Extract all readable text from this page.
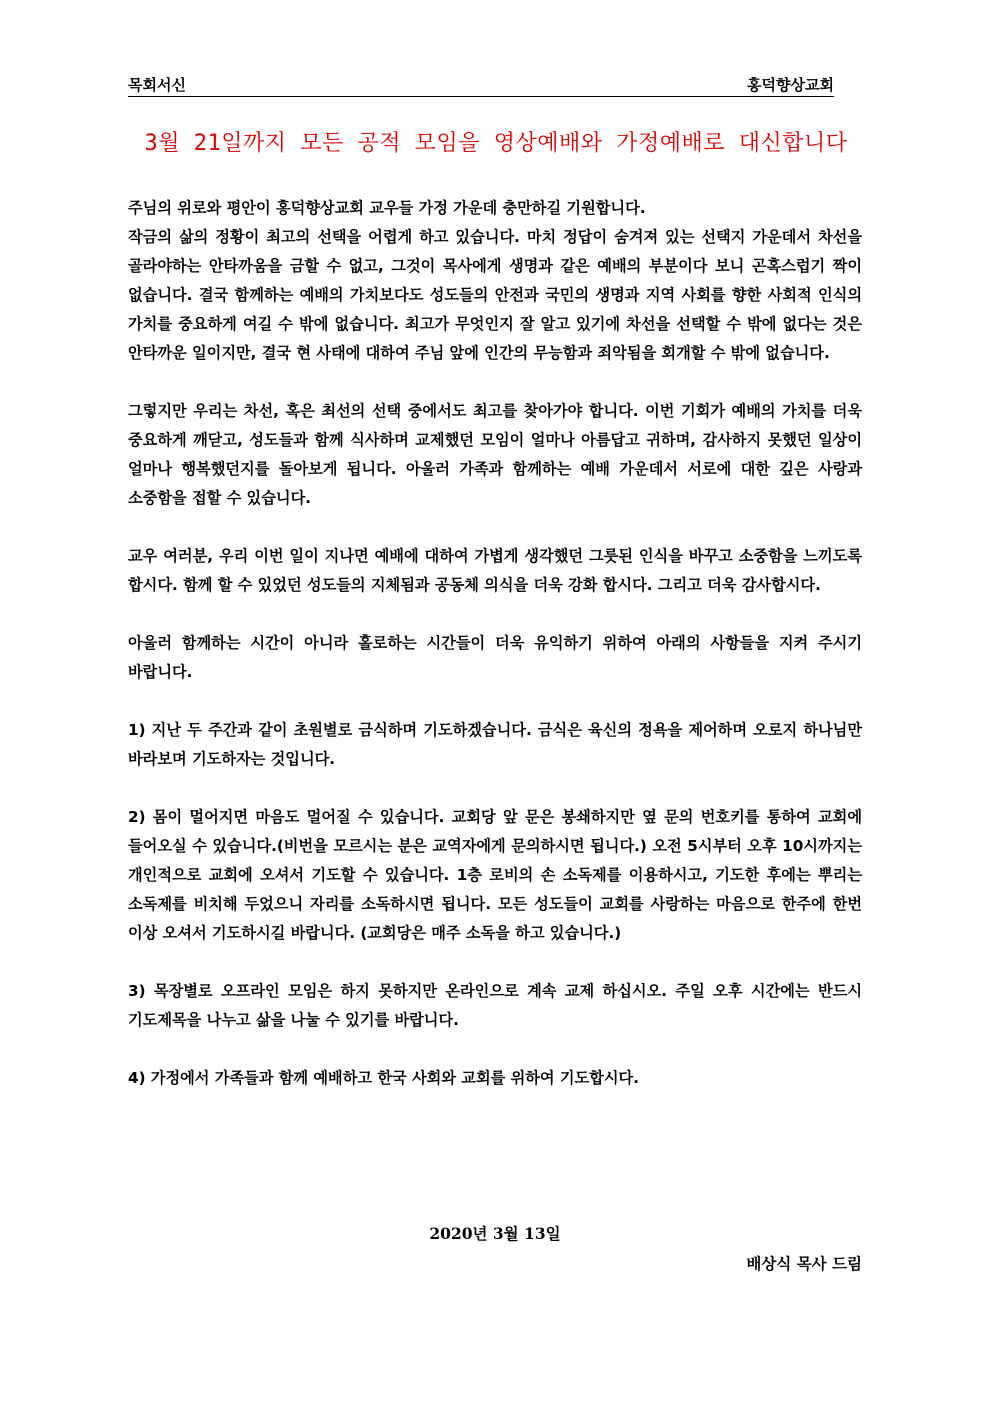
목회서신	홍덕향상교회
3월 21일까지 모든 공적 모임을 영상예배와 가정예배로 대신합니다

주님의 위로와 평안이 홍덕향상교회 교우들 가정 가운데 충만하길 기원합니다.

작금의 삶의 정황이 최고의 선택을 어렵게 하고 있습니다. 마치 정답이 숨겨져 있는 선택지 가운데서 차선을 골라야하는 안타까움을 금할 수 없고, 그것이 목사에게 생명과 같은 예배의 부분이다 보니 곤혹스럽기 짝이 없습니다. 결국 함께하는 예배의 가치보다도 성도들의 안전과 국민의 생명과 지역 사회를 향한 사회적 인식의 가치를 중요하게 여길 수 밖에 없습니다. 최고가 무엇인지 잘 알고 있기에 차선을 선택할 수 밖에 없다는 것은 안타까운 일이지만, 결국 현 사태에 대하여 주님 앞에 인간의 무능함과 죄악됨을 회개할 수 밖에 없습니다.

그렇지만 우리는 차선, 혹은 최선의 선택 중에서도 최고를 찾아가야 합니다. 이번 기회가 예배의 가치를 더욱 중요하게 깨닫고, 성도들과 함께 식사하며 교제했던 모임이 얼마나 아름답고 귀하며, 감사하지 못했던 일상이 얼마나 행복했던지를 돌아보게 됩니다. 아울러 가족과 함께하는 예배 가운데서 서로에 대한 깊은 사랑과 소중함을 접할 수 있습니다.

교우 여러분, 우리 이번 일이 지나면 예배에 대하여 가볍게 생각했던 그릇된 인식을 바꾸고 소중함을 느끼도록 합시다. 함께 할 수 있었던 성도들의 지체됨과 공동체 의식을 더욱 강화 합시다. 그리고 더욱 감사합시다.

아울러 함께하는 시간이 아니라 홀로하는 시간들이 더욱 유익하기 위하여 아래의 사항들을 지켜 주시기 바랍니다.

1) 지난 두 주간과 같이 초원별로 금식하며 기도하겠습니다. 금식은 육신의 정욕을 제어하며 오로지 하나님만 바라보며 기도하자는 것입니다.

2) 몸이 멀어지면 마음도 멀어질 수 있습니다. 교회당 앞 문은 봉쇄하지만 옆 문의 번호키를 통하여 교회에 들어오실 수 있습니다.(비번을 모르시는 분은 교역자에게 문의하시면 됩니다.) 오전 5시부터 오후 10시까지는 개인적으로 교회에 오셔서 기도할 수 있습니다. 1층 로비의 손 소독제를 이용하시고, 기도한 후에는 뿌리는 소독제를 비치해 두었으니 자리를 소독하시면 됩니다. 모든 성도들이 교회를 사랑하는 마음으로 한주에 한번 이상 오셔서 기도하시길 바랍니다. (교회당은 매주 소독을 하고 있습니다.)

3) 목장별로 오프라인 모임은 하지 못하지만 온라인으로 계속 교제 하십시오. 주일 오후 시간에는 반드시 기도제목을 나누고 삶을 나눌 수 있기를 바랍니다.

4) 가정에서 가족들과 함께 예배하고 한국 사회와 교회를 위하여 기도합시다.

2020년 3월 13일
배상식 목사 드림
